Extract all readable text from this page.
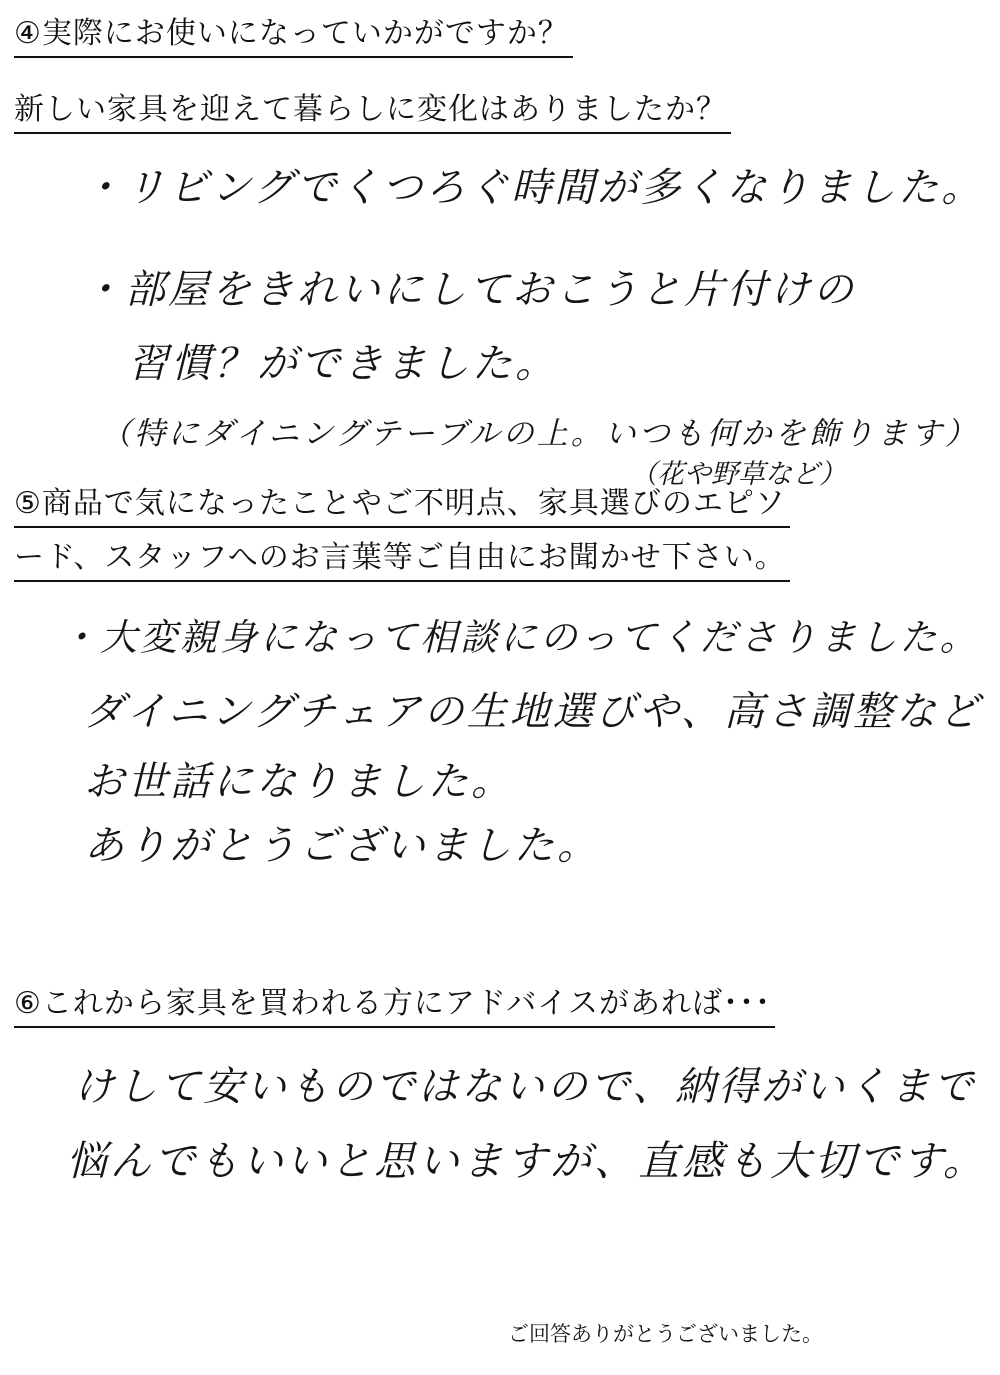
④実際にお使いになっていかがですか？
新しい家具を迎えて暮らしに変化はありましたか？
・リビングでくつろぐ時間が多くなりました。
・部屋をきれいにしておこうと片付けの
習慣？ができました。
（特にダイニングテーブルの上。いつも何かを飾ります）
（花や野草など）
⑤商品で気になったことやご不明点、家具選びのエピソ
ード、スタッフへのお言葉等ご自由にお聞かせ下さい。
・大変親身になって相談にのってくださりました。
ダイニングチェアの生地選びや、高さ調整など
お世話になりました。
ありがとうございました。
⑥これから家具を買われる方にアドバイスがあれば･･･
けして安いものではないので、納得がいくまで
悩んでもいいと思いますが、直感も大切です。
ご回答ありがとうございました。
